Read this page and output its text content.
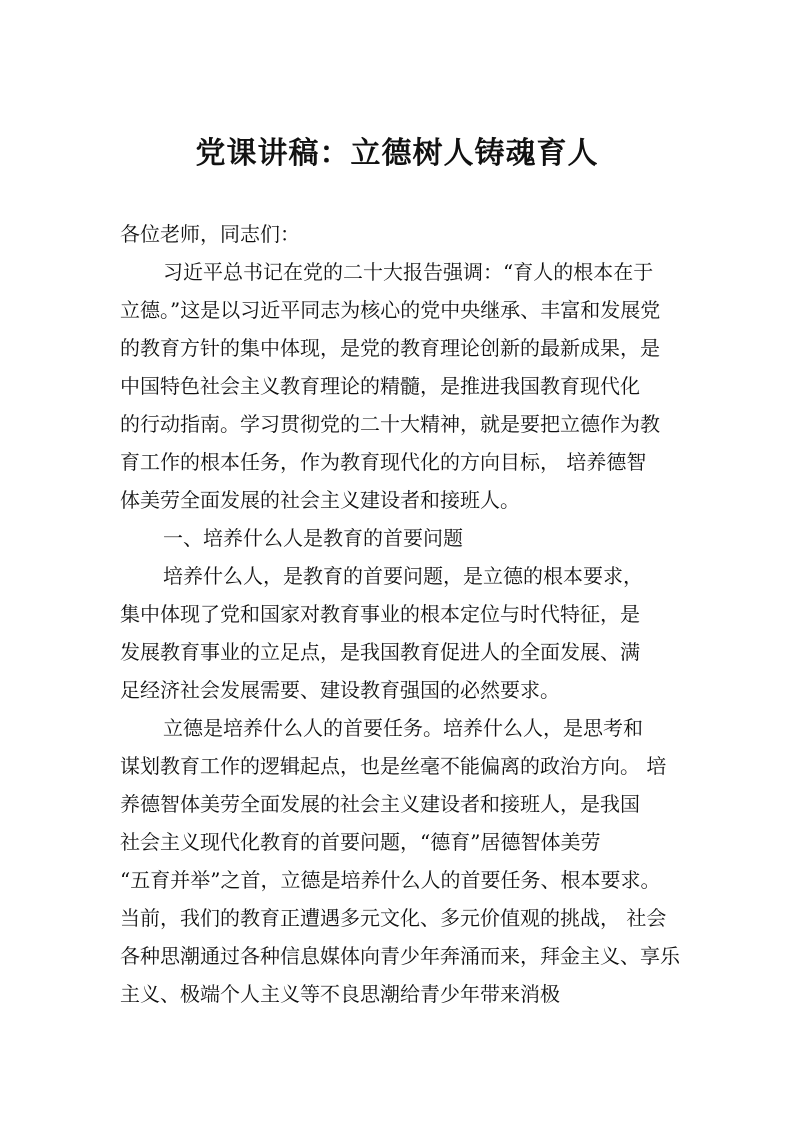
党课讲稿：立德树人铸魂育人

各位老师，同志们：

习近平总书记在党的二十大报告强调：“育人的根本在于

立德。”这是以习近平同志为核心的党中央继承、丰富和发展党

的教育方针的集中体现，是党的教育理论创新的最新成果，是

中国特色社会主义教育理论的精髓，是推进我国教育现代化

的行动指南。学习贯彻党的二十大精神，就是要把立德作为教

育工作的根本任务，作为教育现代化的方向目标， 培养德智

体美劳全面发展的社会主义建设者和接班人。

一、培养什么人是教育的首要问题

培养什么人，是教育的首要问题，是立德的根本要求，

集中体现了党和国家对教育事业的根本定位与时代特征，是

发展教育事业的立足点，是我国教育促进人的全面发展、满

足经济社会发展需要、建设教育强国的必然要求。

立德是培养什么人的首要任务。培养什么人，是思考和

谋划教育工作的逻辑起点，也是丝毫不能偏离的政治方向。 培

养德智体美劳全面发展的社会主义建设者和接班人，是我国

社会主义现代化教育的首要问题，“德育”居德智体美劳

“五育并举”之首，立德是培养什么人的首要任务、根本要求。

当前，我们的教育正遭遇多元文化、多元价值观的挑战， 社会

各种思潮通过各种信息媒体向青少年奔涌而来，拜金主义、享乐

主义、极端个人主义等不良思潮给青少年带来消极
